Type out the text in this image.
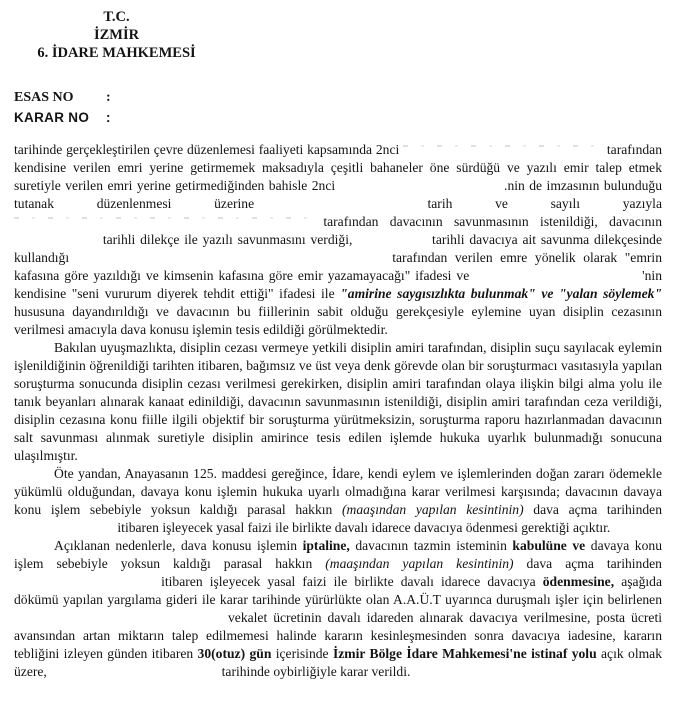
T.C.
İZMİR
6. İDARE MAHKEMESİ
ESAS NO	:
KARAR NO	:

tarihinde gerçekleştirilen çevre düzenlemesi faaliyeti kapsamında 2nci	tarafından kendisine verilen emri yerine getirmemek maksadıyla çeşitli bahaneler öne sürdüğü ve yazılı emir talep etmek suretiyle verilen emri yerine getirmediğinden bahisle 2nci	.nin de imzasının bulunduğu tutanak düzenlenmesi üzerine	tarih ve sayılı yazıyla  tarafından davacının savunmasının istenildiği, davacının  tarihli dilekçe ile yazılı savunmasını verdiği,	tarihli davacıya ait savunma dilekçesinde kullandığı	tarafından verilen emre yönelik olarak "emrin kafasına göre yazıldığı ve kimsenin kafasına göre emir yazamayacağı" ifadesi ve	'nin kendisine "seni vururum diyerek tehdit ettiği" ifadesi ile "amirine saygısızlıkta bulunmak" ve "yalan söylemek" hususuna dayandırıldığı ve davacının bu fiillerinin sabit olduğu gerekçesiyle eylemine uyan disiplin cezasının verilmesi amacıyla dava konusu işlemin tesis edildiği görülmektedir.

Bakılan uyuşmazlıkta, disiplin cezası vermeye yetkili disiplin amiri tarafından, disiplin suçu sayılacak eylemin işlenildiğinin öğrenildiği tarihten itibaren, bağımsız ve üst veya denk görevde olan bir soruşturmacı vasıtasıyla yapılan soruşturma sonucunda disiplin cezası verilmesi gerekirken, disiplin amiri tarafından olaya ilişkin bilgi alma yolu ile tanık beyanları alınarak kanaat edinildiği, davacının savunmasının istenildiği, disiplin amiri tarafından ceza verildiği, disiplin cezasına konu fiille ilgili objektif bir soruşturma yürütmeksizin, soruşturma raporu hazırlanmadan davacının salt savunması alınmak suretiyle disiplin amirince tesis edilen işlemde hukuka uyarlık bulunmadığı sonucuna ulaşılmıştır.

Öte yandan, Anayasanın 125. maddesi gereğince, İdare, kendi eylem ve işlemlerinden doğan zararı ödemekle yükümlü olduğundan, davaya konu işlemin hukuka uyarlı olmadığına karar verilmesi karşısında; davacının davaya konu işlem sebebiyle yoksun kaldığı parasal hakkın (maaşından yapılan kesintinin) dava açma tarihinden  itibaren işleyecek yasal faizi ile birlikte davalı idarece davacıya ödenmesi gerektiği açıktır.

Açıklanan nedenlerle, dava konusu işlemin iptaline, davacının tazmin isteminin kabulüne ve davaya konu işlem sebebiyle yoksun kaldığı parasal hakkın (maaşından yapılan kesintinin) dava açma tarihinden  itibaren işleyecek yasal faizi ile birlikte davalı idarece davacıya ödenmesine, aşağıda dökümü yapılan yargılama gideri ile karar tarihinde yürürlükte olan A.A.Ü.T uyarınca duruşmalı işler için belirlenen  vekalet ücretinin davalı idareden alınarak davacıya verilmesine, posta ücreti avansından artan miktarın talep edilmemesi halinde kararın kesinleşmesinden sonra davacıya iadesine, kararın tebliğini izleyen günden itibaren 30(otuz) gün içerisinde İzmir Bölge İdare Mahkemesi'ne istinaf yolu açık olmak üzere,	tarihinde oybirliğiyle karar verildi.
